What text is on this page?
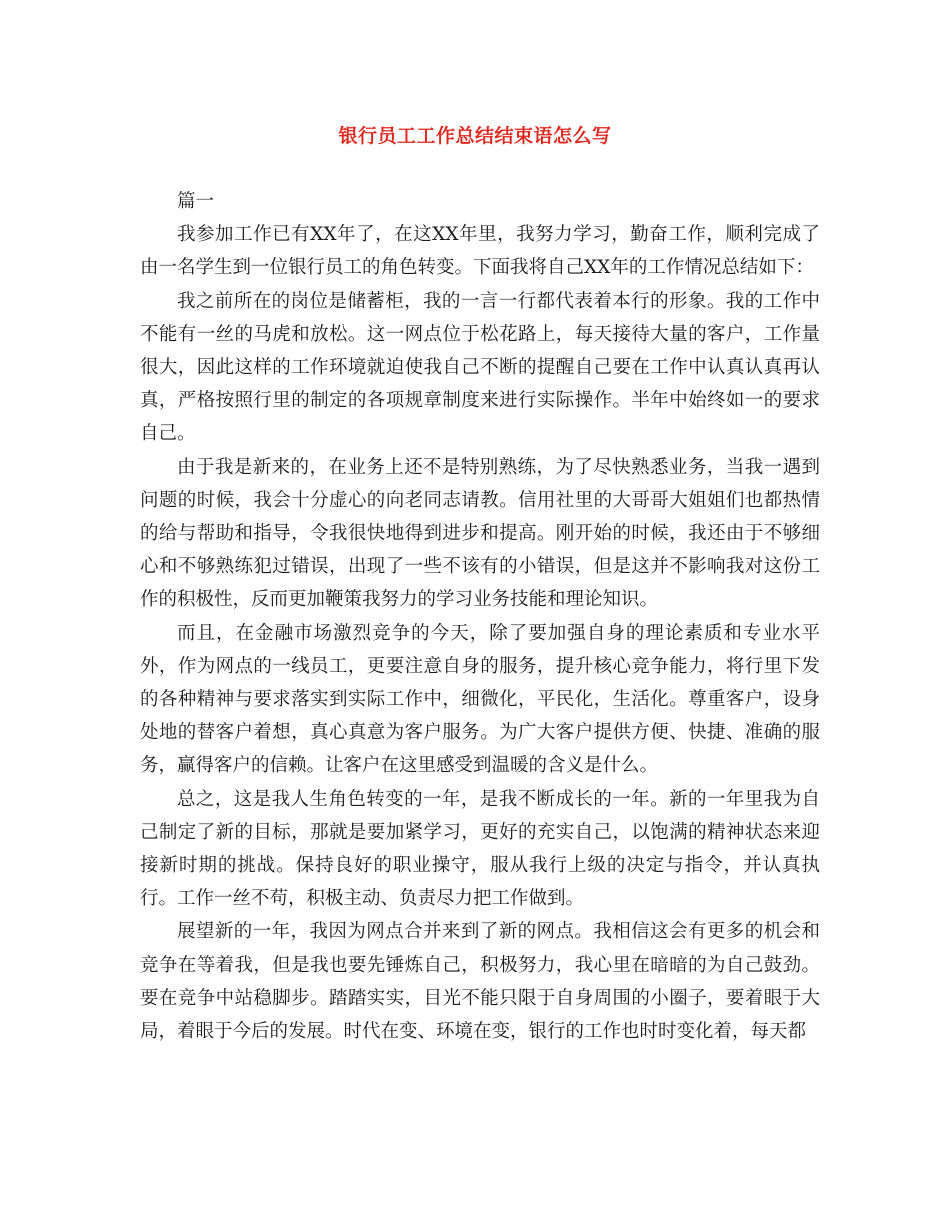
银行员工工作总结结束语怎么写

篇一

我参加工作已有XX年了，在这XX年里，我努力学习，勤奋工作，顺利完成了由一名学生到一位银行员工的角色转变。下面我将自己XX年的工作情况总结如下：

我之前所在的岗位是储蓄柜，我的一言一行都代表着本行的形象。我的工作中不能有一丝的马虎和放松。这一网点位于松花路上，每天接待大量的客户，工作量很大，因此这样的工作环境就迫使我自己不断的提醒自己要在工作中认真认真再认真，严格按照行里的制定的各项规章制度来进行实际操作。半年中始终如一的要求自己。

由于我是新来的，在业务上还不是特别熟练，为了尽快熟悉业务，当我一遇到问题的时候，我会十分虚心的向老同志请教。信用社里的大哥哥大姐姐们也都热情的给与帮助和指导，令我很快地得到进步和提高。刚开始的时候，我还由于不够细心和不够熟练犯过错误，出现了一些不该有的小错误，但是这并不影响我对这份工作的积极性，反而更加鞭策我努力的学习业务技能和理论知识。

而且，在金融市场激烈竞争的今天，除了要加强自身的理论素质和专业水平外，作为网点的一线员工，更要注意自身的服务，提升核心竞争能力，将行里下发的各种精神与要求落实到实际工作中，细微化，平民化，生活化。尊重客户，设身处地的替客户着想，真心真意为客户服务。为广大客户提供方便、快捷、准确的服务，赢得客户的信赖。让客户在这里感受到温暖的含义是什么。

总之，这是我人生角色转变的一年，是我不断成长的一年。新的一年里我为自己制定了新的目标，那就是要加紧学习，更好的充实自己，以饱满的精神状态来迎接新时期的挑战。保持良好的职业操守，服从我行上级的决定与指令，并认真执行。工作一丝不苟，积极主动、负责尽力把工作做到。

展望新的一年，我因为网点合并来到了新的网点。我相信这会有更多的机会和竞争在等着我，但是我也要先锤炼自己，积极努力，我心里在暗暗的为自己鼓劲。要在竞争中站稳脚步。踏踏实实，目光不能只限于自身周围的小圈子，要着眼于大局，着眼于今后的发展。时代在变、环境在变，银行的工作也时时变化着，每天都
